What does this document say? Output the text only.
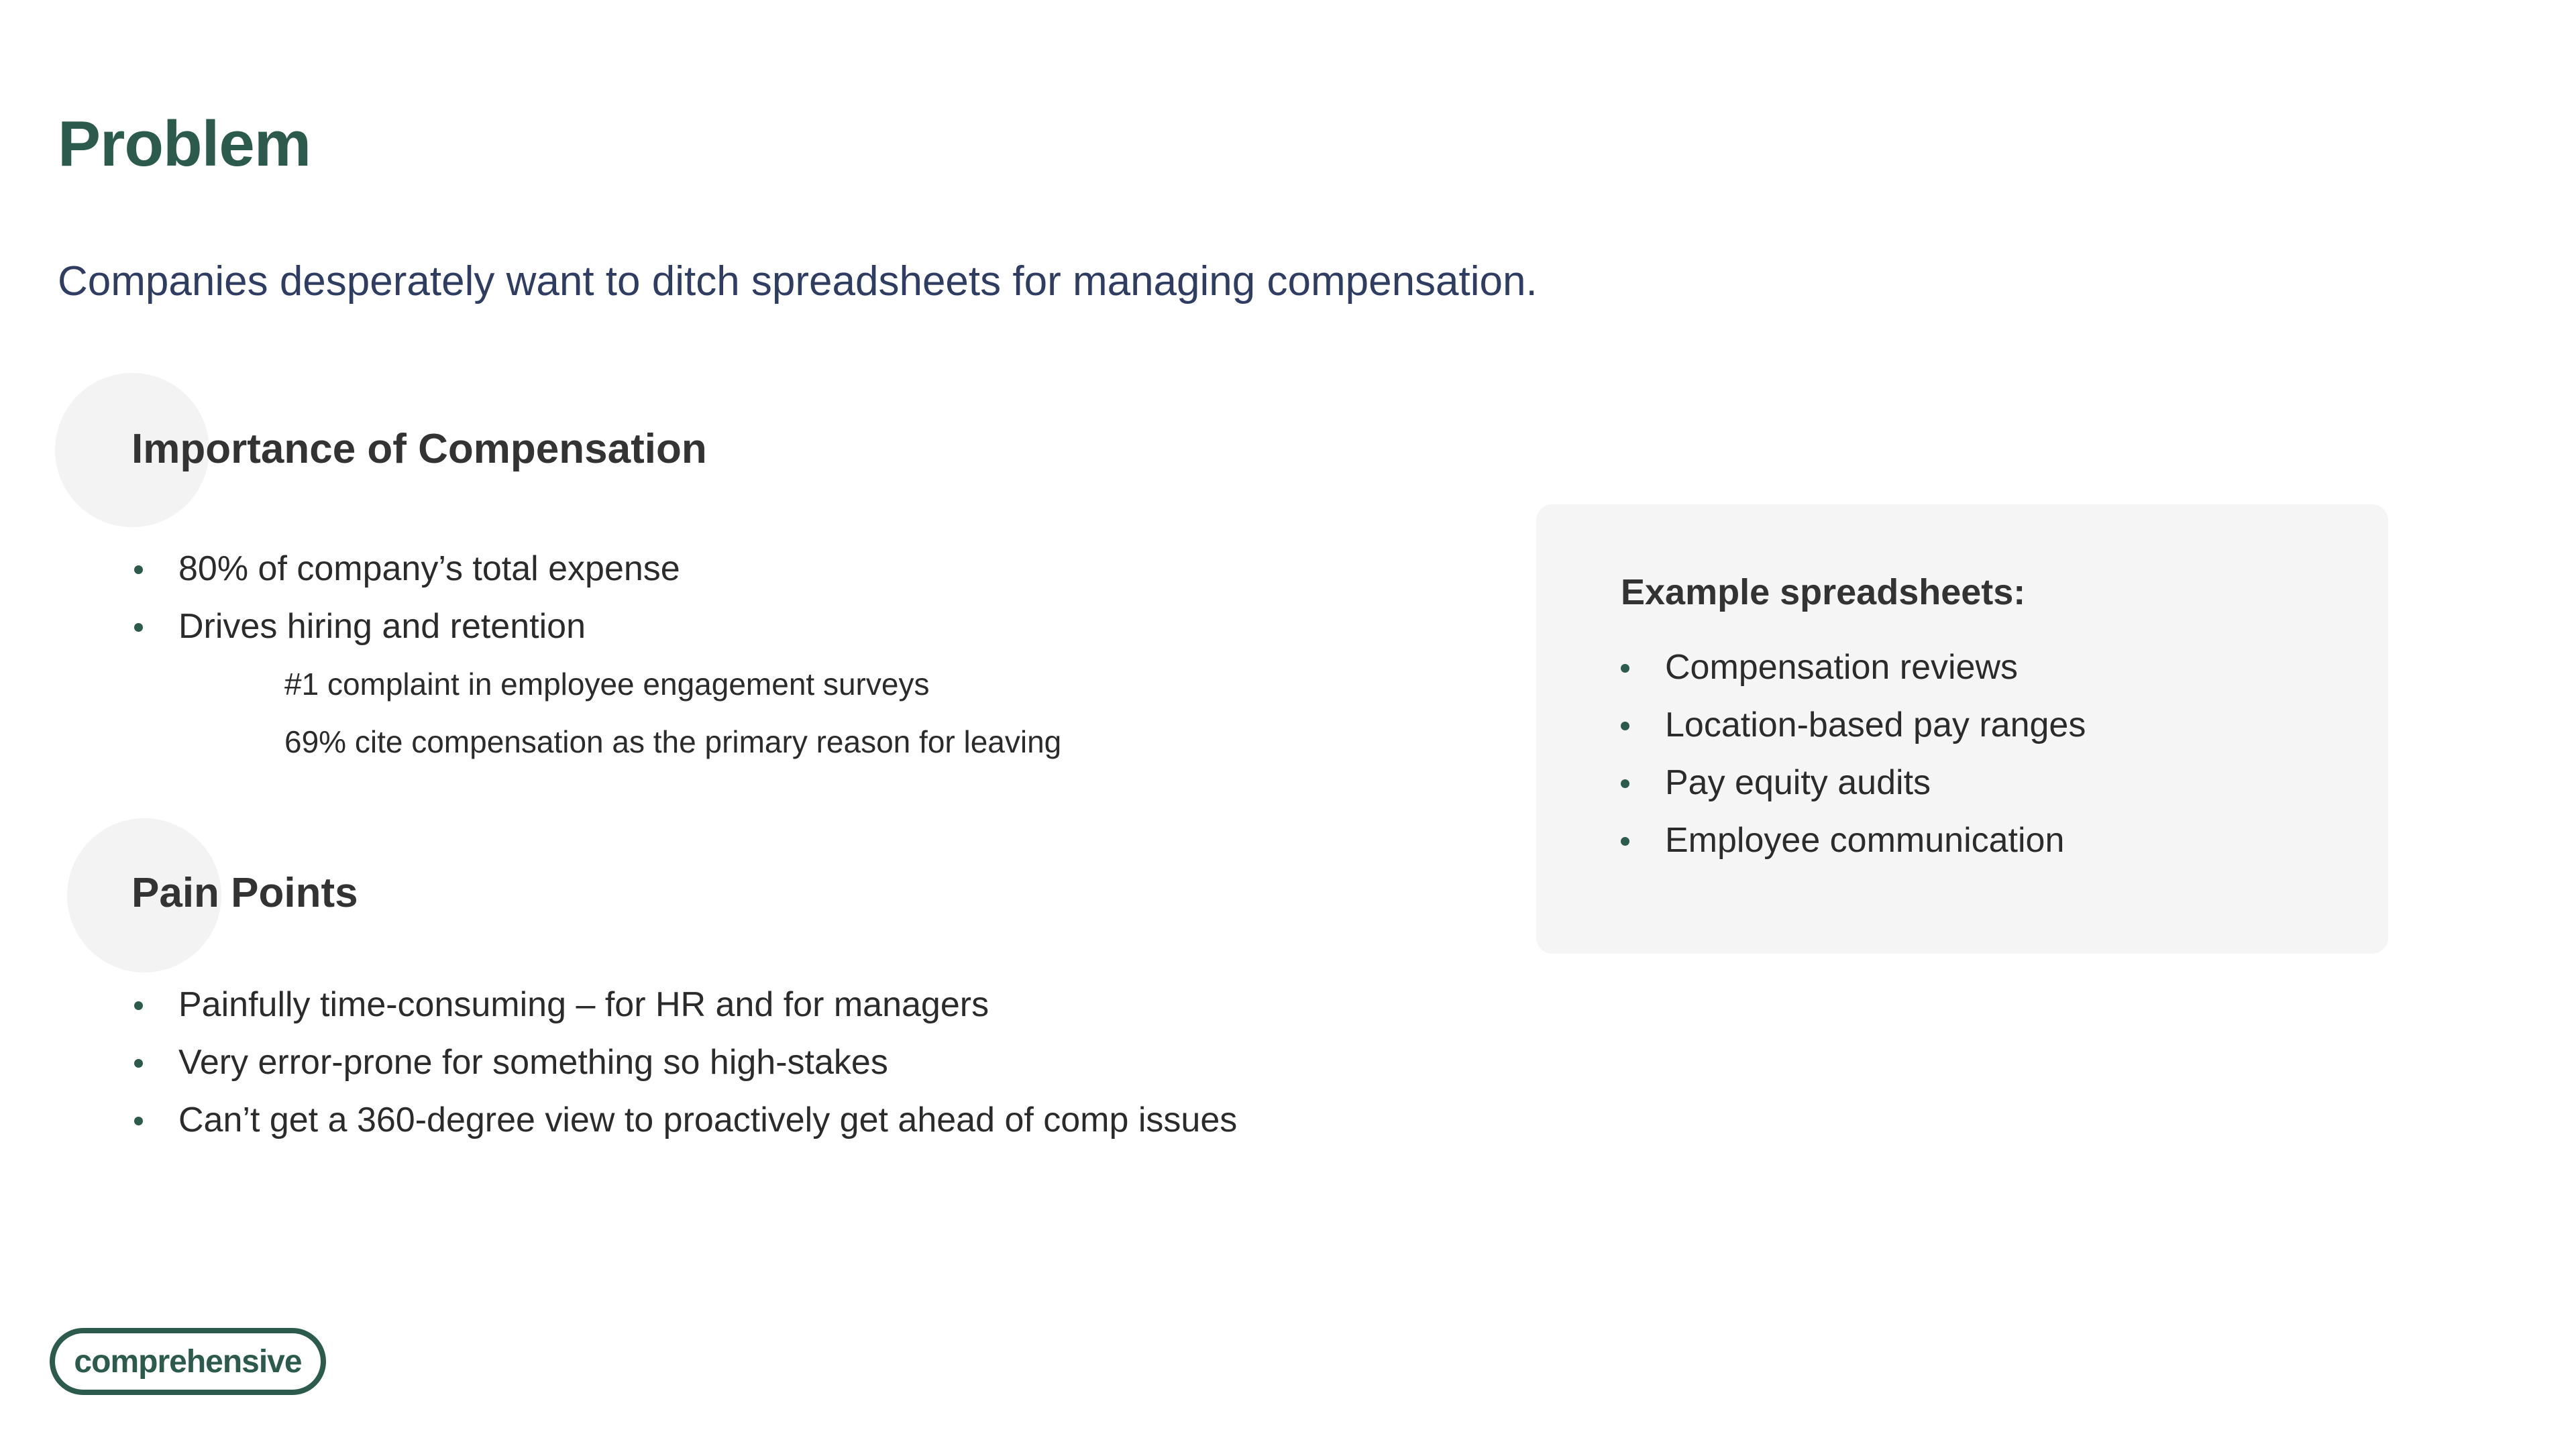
Problem

Companies desperately want to ditch spreadsheets for managing compensation.

Importance of Compensation
80% of company’s total expense
Drives hiring and retention
#1 complaint in employee engagement surveys
69% cite compensation as the primary reason for leaving
Pain Points
Painfully time-consuming – for HR and for managers
Very error-prone for something so high-stakes
Can’t get a 360-degree view to proactively get ahead of comp issues
Example spreadsheets:
Compensation reviews
Location-based pay ranges
Pay equity audits
Employee communication
comprehensive
